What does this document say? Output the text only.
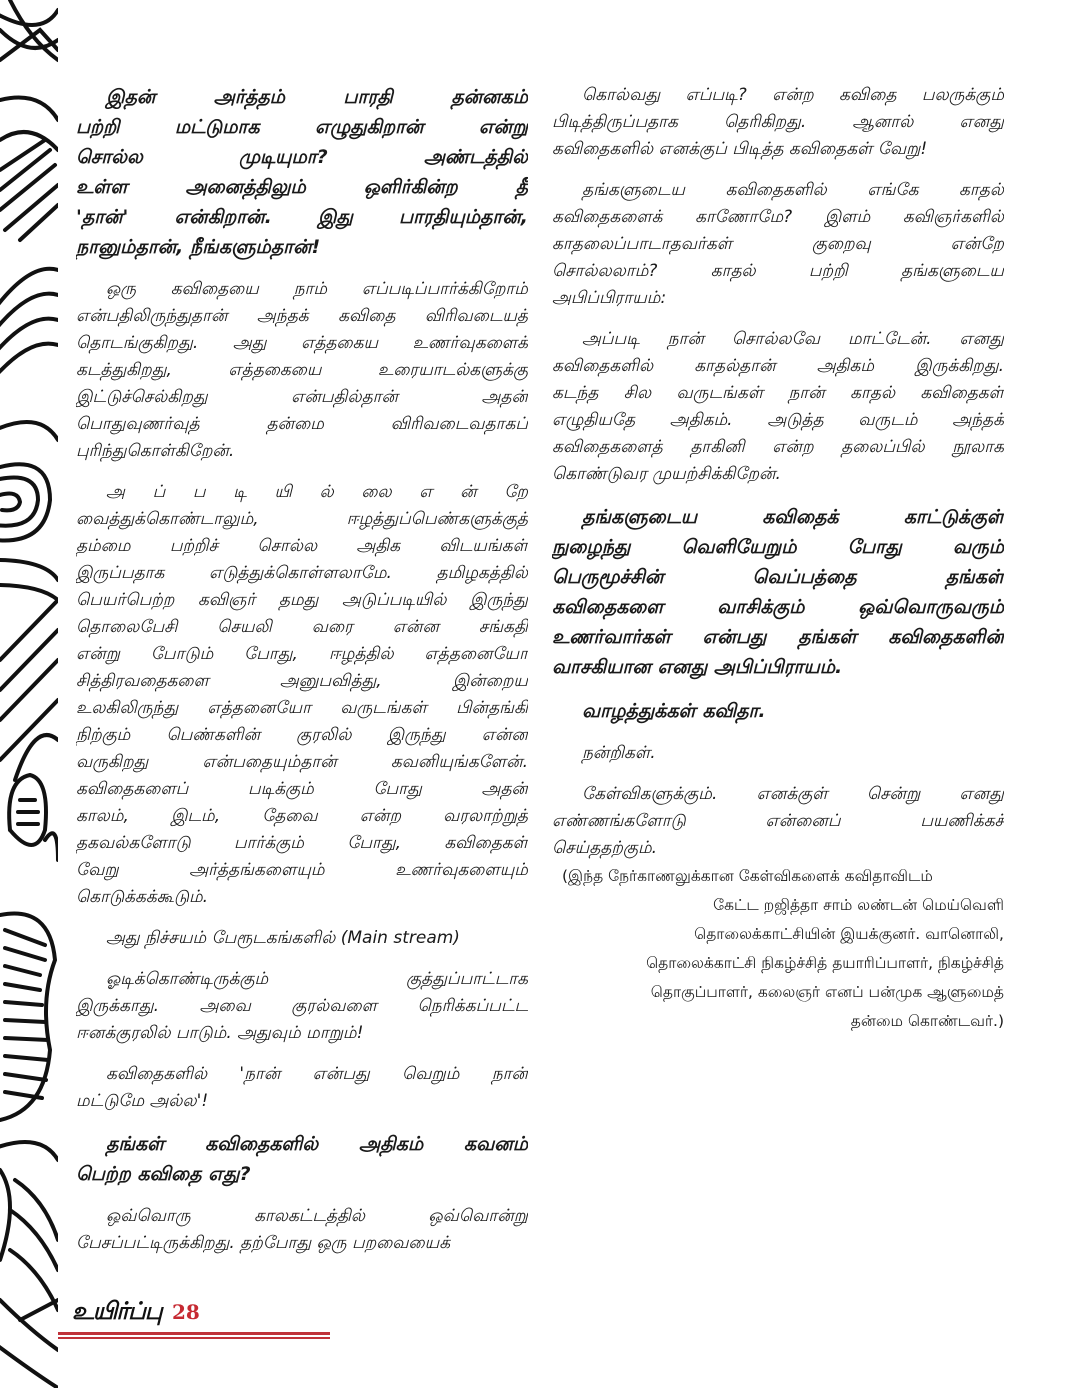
இதன் அர்த்தம் பாரதி தன்னகம்
பற்றி மட்டுமாக எழுதுகிறான் என்று
சொல்ல முடியுமா? அண்டத்தில்
உள்ள அனைத்திலும் ஒளிர்கின்ற தீ
'தான்' என்கிறான். இது பாரதியும்தான்,
நானும்தான், நீங்களும்தான்!

ஒரு கவிதையை நாம் எப்படிப்பார்க்கிறோம்
என்பதிலிருந்துதான் அந்தக் கவிதை விரிவடையத்
தொடங்குகிறது. அது எத்தகைய உணர்வுகளைக்
கடத்துகிறது, எத்தகையை உரையாடல்களுக்கு
இட்டுச்செல்கிறது என்பதில்தான் அதன்
பொதுவுணர்வுத் தன்மை விரிவடைவதாகப்
புரிந்துகொள்கிறேன்.

அ ப் ப டி யி ல் லை எ ன் றே
வைத்துக்கொண்டாலும், ஈழத்துப்பெண்களுக்குத்
தம்மை பற்றிச் சொல்ல அதிக விடயங்கள்
இருப்பதாக எடுத்துக்கொள்ளலாமே. தமிழகத்தில்
பெயர்பெற்ற கவிஞர் தமது அடுப்படியில் இருந்து
தொலைபேசி செயலி வரை என்ன சங்கதி
என்று போடும் போது, ஈழத்தில் எத்தனையோ
சித்திரவதைகளை அனுபவித்து, இன்றைய
உலகிலிருந்து எத்தனையோ வருடங்கள் பின்தங்கி
நிற்கும் பெண்களின் குரலில் இருந்து என்ன
வருகிறது என்பதையும்தான் கவனியுங்களேன்.
கவிதைகளைப் படிக்கும் போது அதன்
காலம், இடம், தேவை என்ற வரலாற்றுத்
தகவல்களோடு பார்க்கும் போது, கவிதைகள்
வேறு அர்த்தங்களையும் உணர்வுகளையும்
கொடுக்கக்கூடும்.

அது நிச்சயம் பேரூடகங்களில் (Main stream)

ஓடிக்கொண்டிருக்கும் குத்துப்பாட்டாக
இருக்காது. அவை குரல்வளை நெரிக்கப்பட்ட
ஈனக்குரலில் பாடும். அதுவும் மாறும்!

கவிதைகளில் 'நான் என்பது வெறும் நான்
மட்டுமே அல்ல'!

தங்கள் கவிதைகளில் அதிகம் கவனம்
பெற்ற கவிதை எது?

ஒவ்வொரு காலகட்டத்தில் ஒவ்வொன்று
பேசப்பட்டிருக்கிறது. தற்போது ஒரு பறவையைக்

கொல்வது எப்படி? என்ற கவிதை பலருக்கும்
பிடித்திருப்பதாக தெரிகிறது. ஆனால் எனது
கவிதைகளில் எனக்குப் பிடித்த கவிதைகள் வேறு!

தங்களுடைய கவிதைகளில் எங்கே காதல்
கவிதைகளைக் காணோமே? இளம் கவிஞர்களில்
காதலைப்பாடாதவர்கள் குறைவு என்றே
சொல்லலாம்? காதல் பற்றி தங்களுடைய
அபிப்பிராயம்:

அப்படி நான் சொல்லவே மாட்டேன். எனது
கவிதைகளில் காதல்தான் அதிகம் இருக்கிறது.
கடந்த சில வருடங்கள் நான் காதல் கவிதைகள்
எழுதியதே அதிகம். அடுத்த வருடம் அந்தக்
கவிதைகளைத் தாகினி என்ற தலைப்பில் நூலாக
கொண்டுவர முயற்சிக்கிறேன்.

தங்களுடைய கவிதைக் காட்டுக்குள்
நுழைந்து வெளியேறும் போது வரும்
பெருமூச்சின் வெப்பத்தை தங்கள்
கவிதைகளை வாசிக்கும் ஒவ்வொருவரும்
உணர்வார்கள் என்பது தங்கள் கவிதைகளின்
வாசகியான எனது அபிப்பிராயம்.

வாழத்துக்கள் கவிதா.

நன்றிகள்.

கேள்விகளுக்கும். எனக்குள் சென்று எனது
எண்ணங்களோடு என்னைப் பயணிக்கச்
செய்ததற்கும்.

(இந்த நேர்காணலுக்கான கேள்விகளைக் கவிதாவிடம்
கேட்ட றஜித்தா சாம் லண்டன் மெய்வெளி
தொலைக்காட்சியின் இயக்குனர். வானொலி,
தொலைக்காட்சி நிகழ்ச்சித் தயாரிப்பாளர், நிகழ்ச்சித்
தொகுப்பாளர், கலைஞர் எனப் பன்முக ஆளுமைத்
தன்மை கொண்டவர்.)
உயிர்ப்பு 28
